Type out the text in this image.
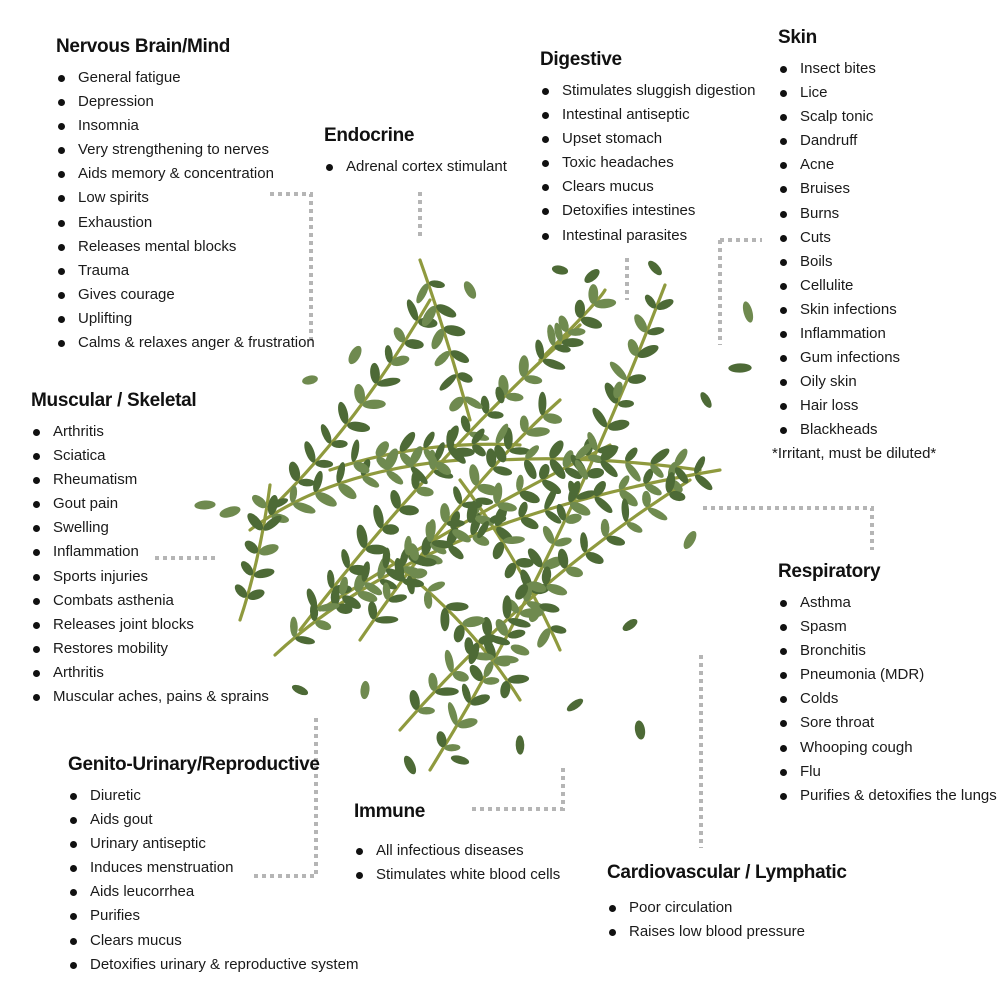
Nervous Brain/Mind
General fatigue
Depression
Insomnia
Very strengthening to nerves
Aids memory & concentration
Low spirits
Exhaustion
Releases mental blocks
Trauma
Gives courage
Uplifting
Calms & relaxes anger & frustration
Endocrine
Adrenal cortex stimulant
Digestive
Stimulates sluggish digestion
Intestinal antiseptic
Upset stomach
Toxic headaches
Clears mucus
Detoxifies intestines
Intestinal parasites
Skin
Insect bites
Lice
Scalp tonic
Dandruff
Acne
Bruises
Burns
Cuts
Boils
Cellulite
Skin infections
Inflammation
Gum infections
Oily skin
Hair loss
Blackheads

*Irritant, must be diluted*

Muscular / Skeletal
Arthritis
Sciatica
Rheumatism
Gout pain
Swelling
Inflammation
Sports injuries
Combats asthenia
Releases joint blocks
Restores mobility
Arthritis
Muscular aches, pains & sprains
Respiratory
Asthma
Spasm
Bronchitis
Pneumonia (MDR)
Colds
Sore throat
Whooping cough
Flu
Purifies & detoxifies the lungs
Genito-Urinary/Reproductive
Diuretic
Aids gout
Urinary antiseptic
Induces menstruation
Aids leucorrhea
Purifies
Clears mucus
Detoxifies urinary & reproductive system
Immune
All infectious diseases
Stimulates white blood cells Cardiovascular / Lymphatic
Poor circulation
Raises low blood pressure
